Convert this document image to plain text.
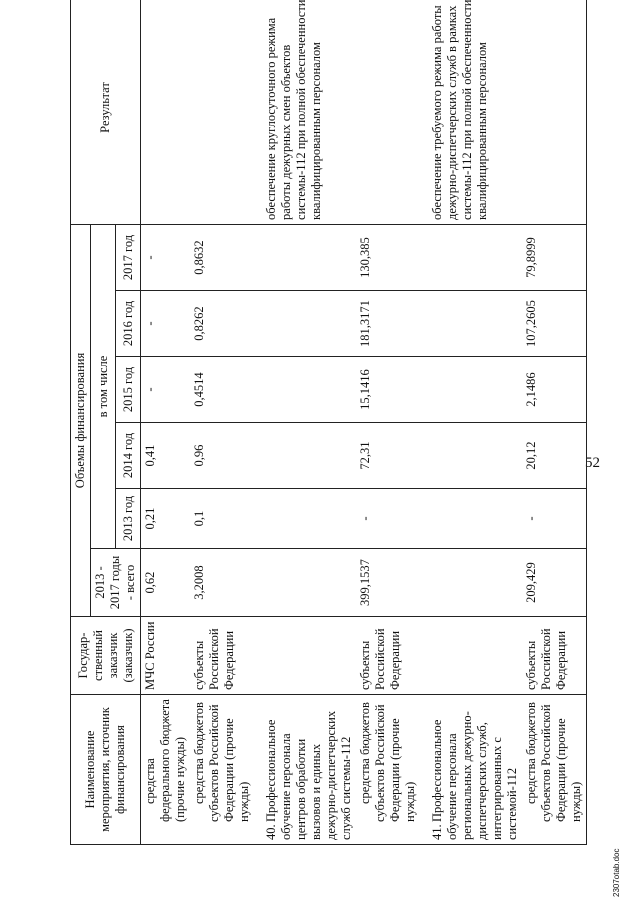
52
Наименование мероприятия, источник финансирования	Государ-ственный заказчик (заказчик)	Объемы финансирования						Результат
		2013 - 2017 годы - всего	в том числе					
			2013 год	2014 год	2015 год	2016 год	2017 год	
средства федерального бюджета (прочие нужды)	МЧС России	0,62	0,21	0,41	-	-	-	
средства бюджетов субъектов Российской Федерации (прочие нужды)	субъекты Российской Федерации	3,2008	0,1	0,96	0,4514	0,8262	0,8632	
40.Профессиональное обучение персонала центров обработки вызовов и единых дежурно-диспетчерских служб системы-112								обеспечение круглосуточного режима работы дежурных смен объектов системы-112 при полной обеспеченности квалифицированным персоналом
средства бюджетов субъектов Российской Федерации (прочие нужды)	субъекты Российской Федерации	399,1537	-	72,31	15,1416	181,3171	130,385	
41.Профессиональное обучение персонала региональных дежурно-диспетчерских служб, интегрированных с системой-112								обеспечение требуемого режима работы дежурно-диспетчерских служб в рамках системы-112 при полной обеспеченности квалифицированным персоналом
средства бюджетов субъектов Российской Федерации (прочие нужды)	субъекты Российской Федерации	209,429	-	20,12	2,1486	107,2605	79,8999	
2307оtab.doc
